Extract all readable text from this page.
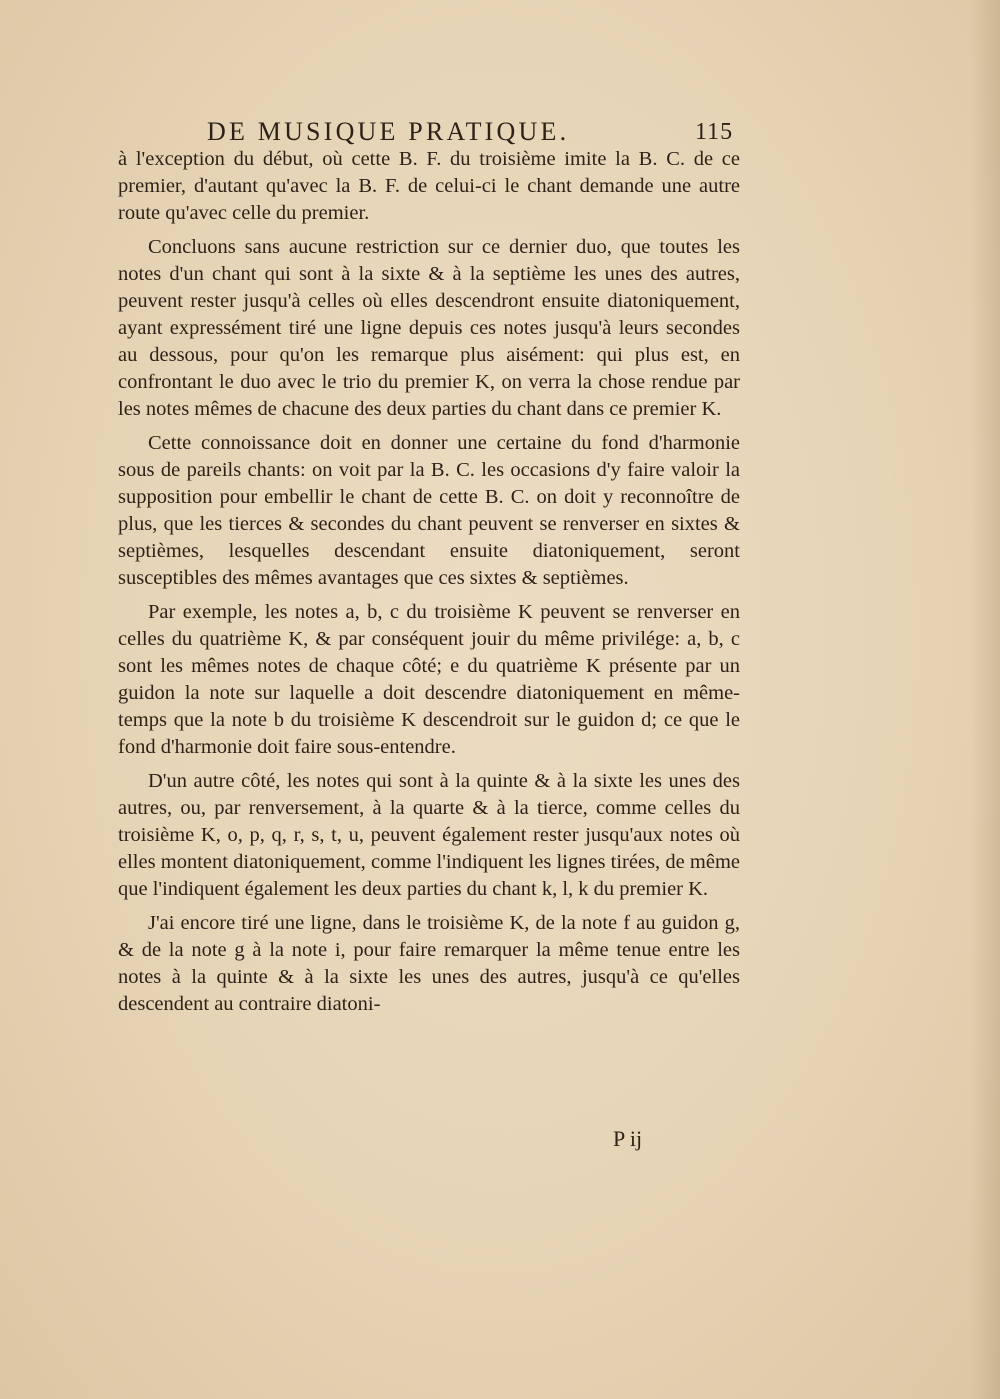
DE MUSIQUE PRATIQUE.	115

à l'exception du début, où cette B. F. du troisième imite la B. C. de ce premier, d'autant qu'avec la B. F. de celui-ci le chant demande une autre route qu'avec celle du premier.

Concluons sans aucune restriction sur ce dernier duo, que toutes les notes d'un chant qui sont à la sixte & à la septième les unes des autres, peuvent rester jusqu'à celles où elles descendront ensuite diatoniquement, ayant expressément tiré une ligne depuis ces notes jusqu'à leurs secondes au dessous, pour qu'on les remarque plus aisément: qui plus est, en confrontant le duo avec le trio du premier K, on verra la chose rendue par les notes mêmes de chacune des deux parties du chant dans ce premier K.

Cette connoissance doit en donner une certaine du fond d'harmonie sous de pareils chants: on voit par la B. C. les occasions d'y faire valoir la supposition pour embellir le chant de cette B. C. on doit y reconnoître de plus, que les tierces & secondes du chant peuvent se renverser en sixtes & septièmes, lesquelles descendant ensuite diatoniquement, seront susceptibles des mêmes avantages que ces sixtes & septièmes.

Par exemple, les notes a, b, c du troisième K peuvent se renverser en celles du quatrième K, & par conséquent jouir du même privilége: a, b, c sont les mêmes notes de chaque côté; e du quatrième K présente par un guidon la note sur laquelle a doit descendre diatoniquement en même-temps que la note b du troisième K descendroit sur le guidon d; ce que le fond d'harmonie doit faire sous-entendre.

D'un autre côté, les notes qui sont à la quinte & à la sixte les unes des autres, ou, par renversement, à la quarte & à la tierce, comme celles du troisième K, o, p, q, r, s, t, u, peuvent également rester jusqu'aux notes où elles montent diatoniquement, comme l'indiquent les lignes tirées, de même que l'indiquent également les deux parties du chant k, l, k du premier K.

J'ai encore tiré une ligne, dans le troisième K, de la note f au guidon g, & de la note g à la note i, pour faire remarquer la même tenue entre les notes à la quinte & à la sixte les unes des autres, jusqu'à ce qu'elles descendent au contraire diatoni-

P ij
